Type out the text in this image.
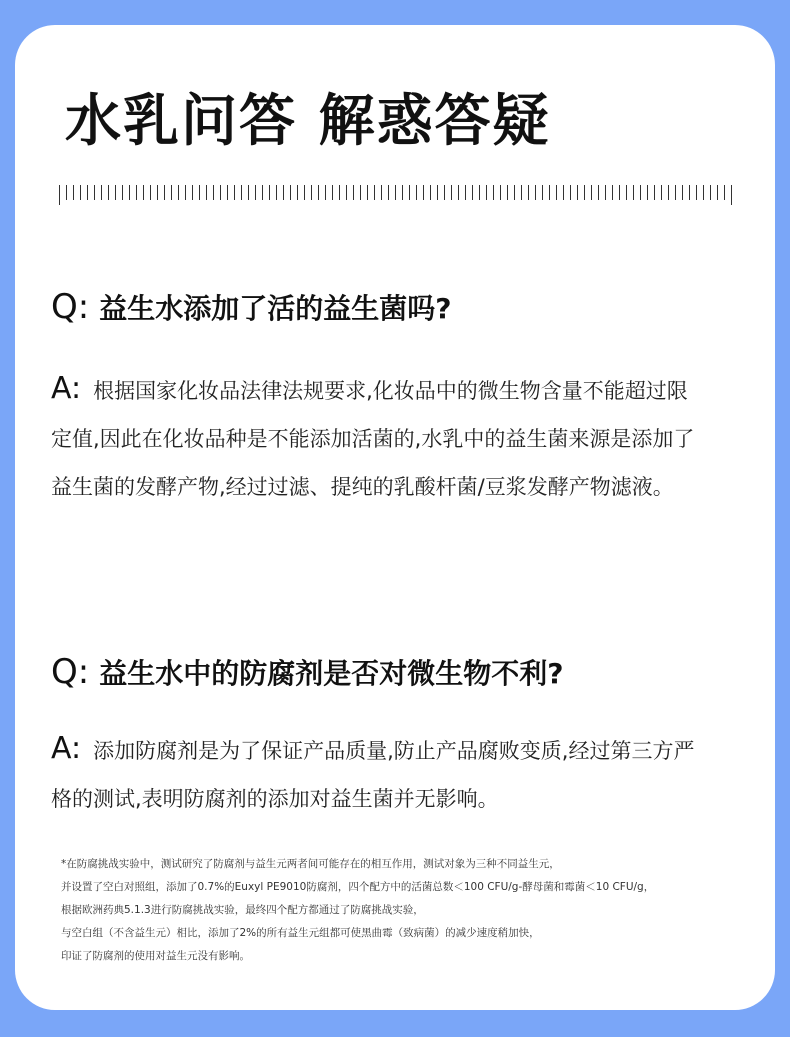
水乳问答 解惑答疑

Q: 益生水添加了活的益生菌吗?

A: 根据国家化妆品法律法规要求,化妆品中的微生物含量不能超过限定值,因此在化妆品种是不能添加活菌的,水乳中的益生菌来源是添加了益生菌的发酵产物,经过过滤、提纯的乳酸杆菌/豆浆发酵产物滤液。

Q: 益生水中的防腐剂是否对微生物不利?

A: 添加防腐剂是为了保证产品质量,防止产品腐败变质,经过第三方严格的测试,表明防腐剂的添加对益生菌并无影响。

*在防腐挑战实验中，测试研究了防腐剂与益生元两者间可能存在的相互作用，测试对象为三种不同益生元，
并设置了空白对照组，添加了0.7%的Euxyl PE9010防腐剂，四个配方中的活菌总数＜100 CFU/g-酵母菌和霉菌＜10 CFU/g，
根据欧洲药典5.1.3进行防腐挑战实验，最终四个配方都通过了防腐挑战实验，
与空白组（不含益生元）相比，添加了2%的所有益生元组都可使黑曲霉（致病菌）的减少速度稍加快，
印证了防腐剂的使用对益生元没有影响。
